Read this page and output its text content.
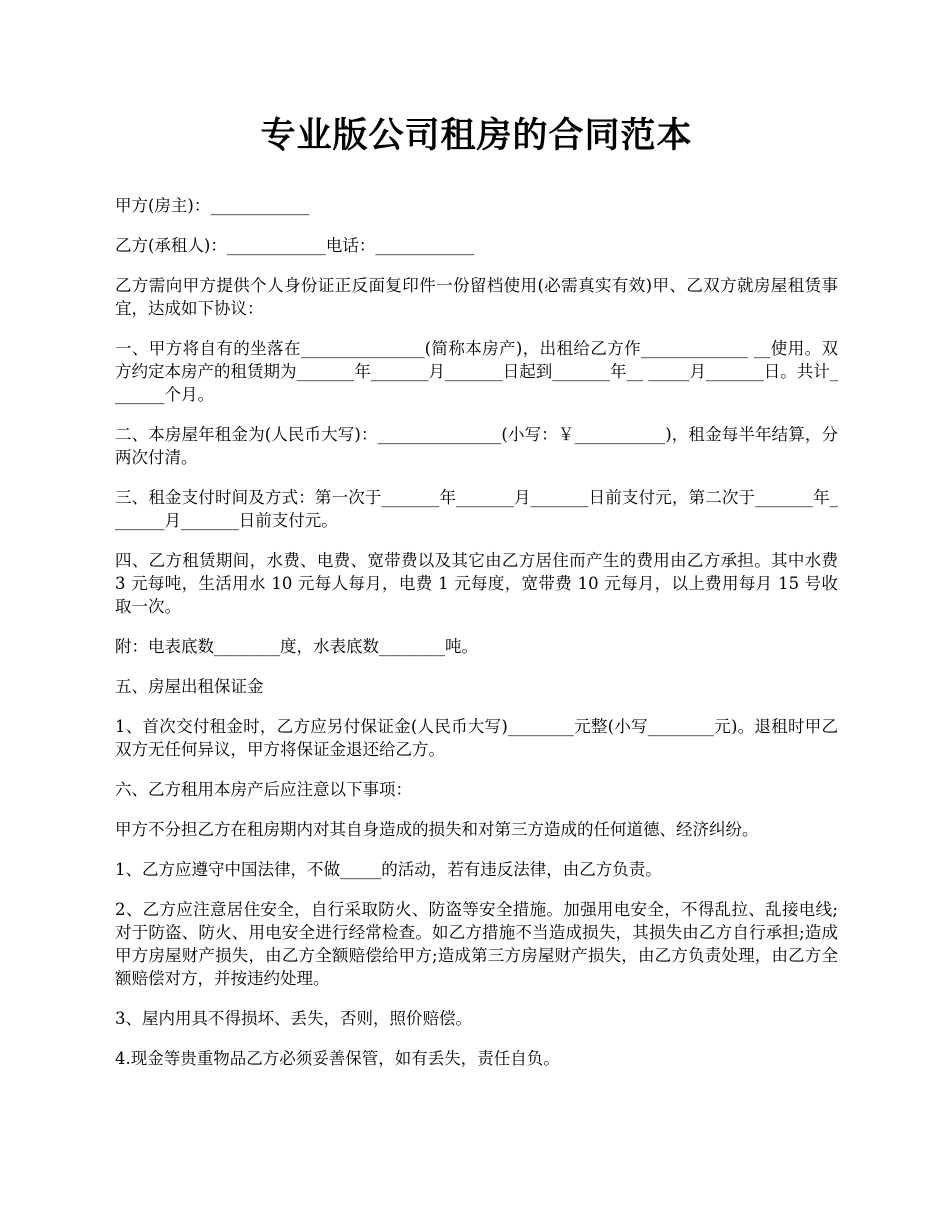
专业版公司租房的合同范本

甲方(房主)：____________

乙方(承租人)：____________电话：____________

乙方需向甲方提供个人身份证正反面复印件一份留档使用(必需真实有效)甲、乙双方就房屋租赁事宜，达成如下协议：

一、甲方将自有的坐落在_______________(简称本房产)，出租给乙方作_____________ __使用。双方约定本房产的租赁期为_______年_______月_______日起到_______年__ _____月_______日。共计_______个月。

二、本房屋年租金为(人民币大写)：_______________(小写：￥___________)，租金每半年结算，分两次付清。

三、租金支付时间及方式：第一次于_______年_______月_______日前支付元，第二次于_______年_______月_______日前支付元。

四、乙方租赁期间，水费、电费、宽带费以及其它由乙方居住而产生的费用由乙方承担。其中水费 3 元每吨，生活用水 10 元每人每月，电费 1 元每度，宽带费 10 元每月，以上费用每月 15 号收取一次。

附：电表底数________度，水表底数________吨。

五、房屋出租保证金

1、首次交付租金时，乙方应另付保证金(人民币大写)________元整(小写________元)。退租时甲乙双方无任何异议，甲方将保证金退还给乙方。

六、乙方租用本房产后应注意以下事项：

甲方不分担乙方在租房期内对其自身造成的损失和对第三方造成的任何道德、经济纠纷。

1、乙方应遵守中国法律，不做_____的活动，若有违反法律，由乙方负责。

2、乙方应注意居住安全，自行采取防火、防盗等安全措施。加强用电安全，不得乱拉、乱接电线;对于防盗、防火、用电安全进行经常检查。如乙方措施不当造成损失，其损失由乙方自行承担;造成甲方房屋财产损失，由乙方全额赔偿给甲方;造成第三方房屋财产损失，由乙方负责处理，由乙方全额赔偿对方，并按违约处理。

3、屋内用具不得损坏、丢失，否则，照价赔偿。

4.现金等贵重物品乙方必须妥善保管，如有丢失，责任自负。
